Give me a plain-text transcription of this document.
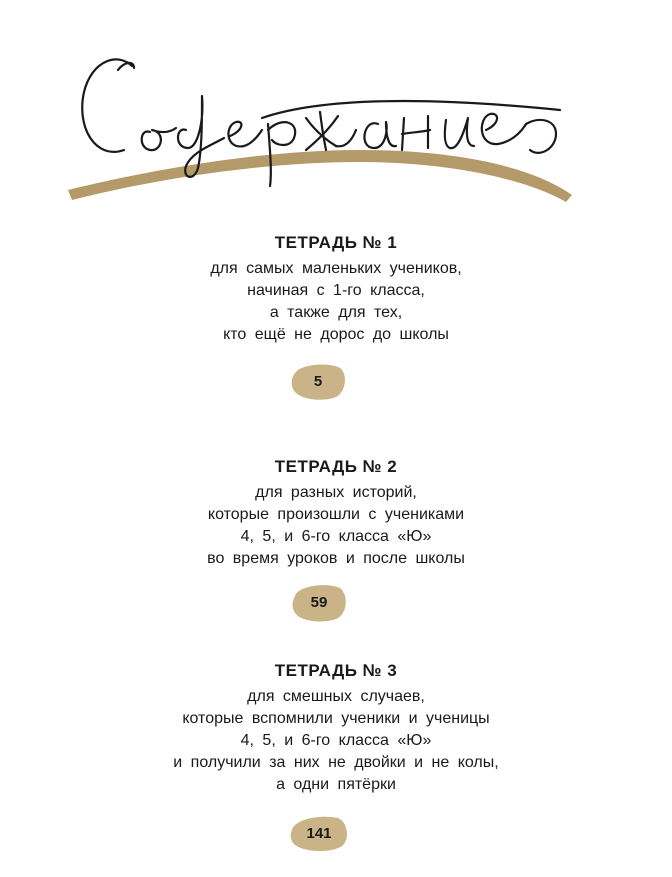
ТЕТРАДЬ № 1

для самых маленьких учеников,

начиная с 1-го класса,

а также для тех,

кто ещё не дорос до школы

5

ТЕТРАДЬ № 2

для разных историй,

которые произошли с учениками

4, 5, и 6-го класса «Ю»

во время уроков и после школы

59

ТЕТРАДЬ № 3

для смешных случаев,

которые вспомнили ученики и ученицы

4, 5, и 6-го класса «Ю»

и получили за них не двойки и не колы,

а одни пятёрки

141
